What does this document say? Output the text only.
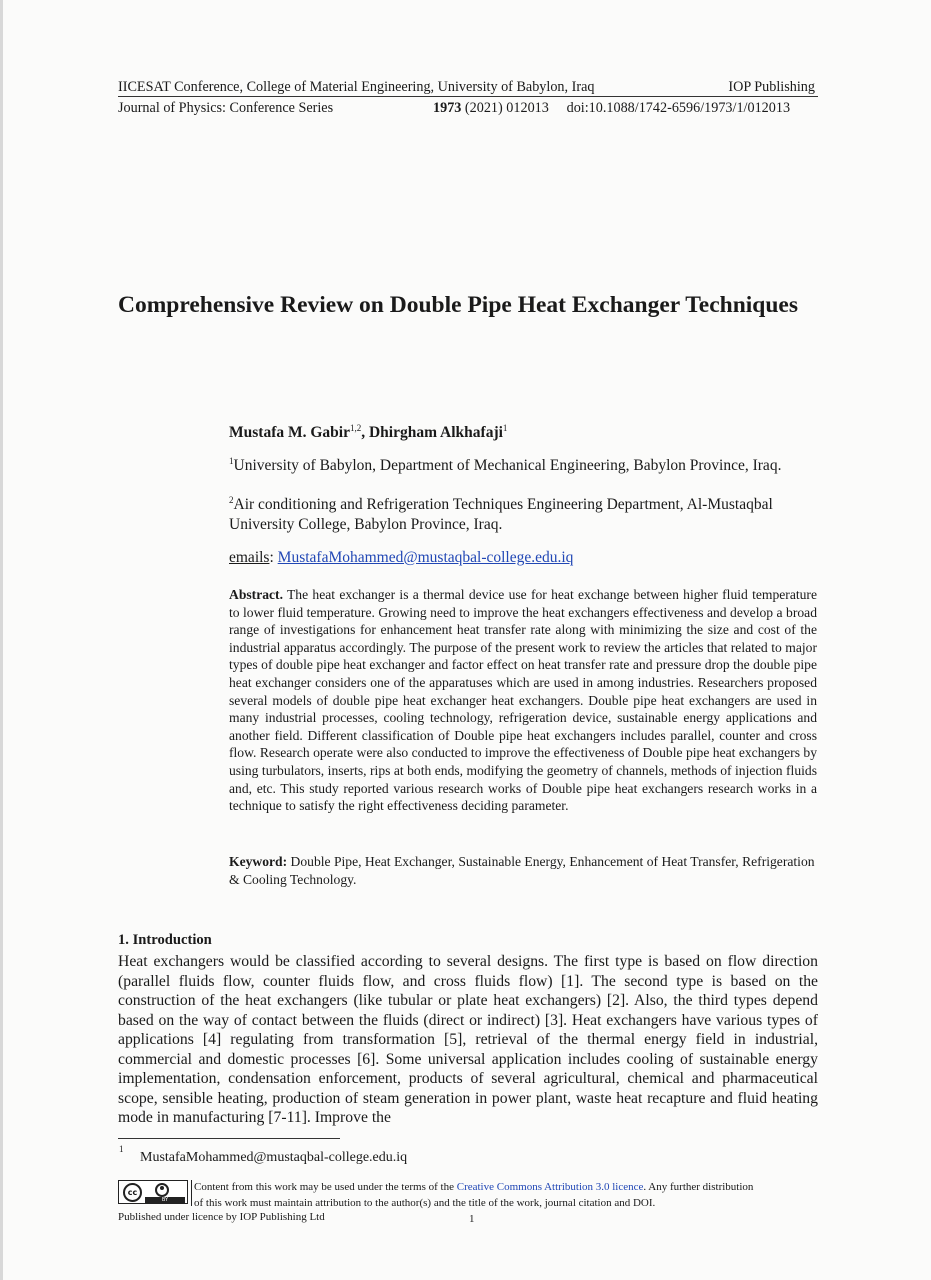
IICESAT Conference, College of Material Engineering, University of Babylon, Iraq	IOP Publishing
Journal of Physics: Conference Series	1973 (2021) 012013 doi:10.1088/1742-6596/1973/1/012013
Comprehensive Review on Double Pipe Heat Exchanger Techniques
Mustafa M. Gabir$^{1,2}$, Dhirgham Alkhafaji$^1$
$^1$University of Babylon, Department of Mechanical Engineering, Babylon Province, Iraq.
$^2$Air conditioning and Refrigeration Techniques Engineering Department, Al-Mustaqbal University College, Babylon Province, Iraq.
emails: MustafaMohammed@mustaqbal-college.edu.iq
Abstract. The heat exchanger is a thermal device use for heat exchange between higher fluid temperature to lower fluid temperature. Growing need to improve the heat exchangers effectiveness and develop a broad range of investigations for enhancement heat transfer rate along with minimizing the size and cost of the industrial apparatus accordingly. The purpose of the present work to review the articles that related to major types of double pipe heat exchanger and factor effect on heat transfer rate and pressure drop the double pipe heat exchanger considers one of the apparatuses which are used in among industries. Researchers proposed several models of double pipe heat exchanger heat exchangers. Double pipe heat exchangers are used in many industrial processes, cooling technology, refrigeration device, sustainable energy applications and another field. Different classification of Double pipe heat exchangers includes parallel, counter and cross flow. Research operate were also conducted to improve the effectiveness of Double pipe heat exchangers by using turbulators, inserts, rips at both ends, modifying the geometry of channels, methods of injection fluids and, etc. This study reported various research works of Double pipe heat exchangers research works in a technique to satisfy the right effectiveness deciding parameter.
Keyword: Double Pipe, Heat Exchanger, Sustainable Energy, Enhancement of Heat Transfer, Refrigeration & Cooling Technology.
1. Introduction
Heat exchangers would be classified according to several designs. The first type is based on flow direction (parallel fluids flow, counter fluids flow, and cross fluids flow) [1]. The second type is based on the construction of the heat exchangers (like tubular or plate heat exchangers) [2]. Also, the third types depend based on the way of contact between the fluids (direct or indirect) [3]. Heat exchangers have various types of applications [4] regulating from transformation [5], retrieval of the thermal energy field in industrial, commercial and domestic processes [6]. Some universal application includes cooling of sustainable energy implementation, condensation enforcement, products of several agricultural, chemical and pharmaceutical scope, sensible heating, production of steam generation in power plant, waste heat recapture and fluid heating mode in manufacturing [7-11]. Improve the
1
MustafaMohammed@mustaqbal-college.edu.iq
cc
BY
Content from this work may be used under the terms of the Creative Commons Attribution 3.0 licence. Any further distribution
of this work must maintain attribution to the author(s) and the title of the work, journal citation and DOI.
Published under licence by IOP Publishing Ltd	1
